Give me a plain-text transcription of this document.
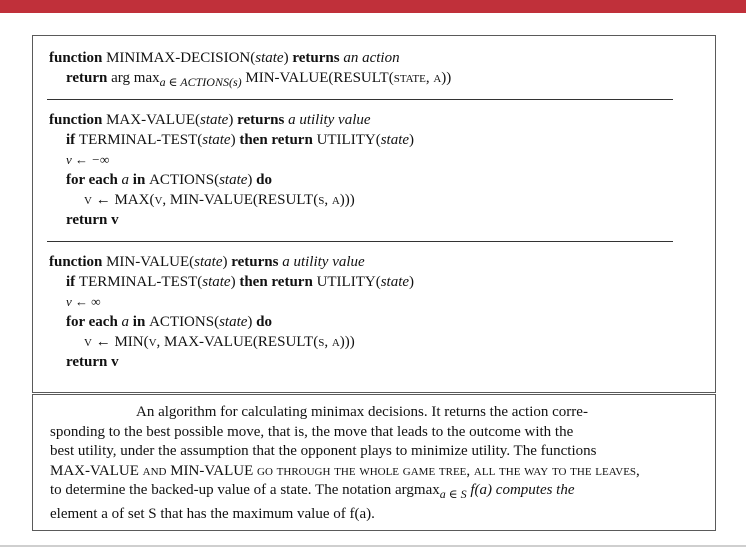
function MINIMAX-DECISION(state) returns an action
return arg $\max_{a \in ACTIONS(s)}$ MIN-VALUE(RESULT(state, a))
function MAX-VALUE(state) returns a utility value
if TERMINAL-TEST(state) then return UTILITY(state)
v ← −∞
for each a in ACTIONS(state) do
v ← MAX(v, MIN-VALUE(RESULT(s, a)))
return v
function MIN-VALUE(state) returns a utility value
if TERMINAL-TEST(state) then return UTILITY(state)
v ← ∞
for each a in ACTIONS(state) do
v ← MIN(v, MAX-VALUE(RESULT(s, a)))
return v
An algorithm for calculating minimax decisions. It returns the action corre-
sponding to the best possible move, that is, the move that leads to the outcome with the
best utility, under the assumption that the opponent plays to minimize utility. The functions
MAX-VALUE and MIN-VALUE go through the whole game tree, all the way to the leaves,
to determine the backed-up value of a state. The notation argmax$_{a \in S}$ f(a) computes the
element a of set S that has the maximum value of f(a).
